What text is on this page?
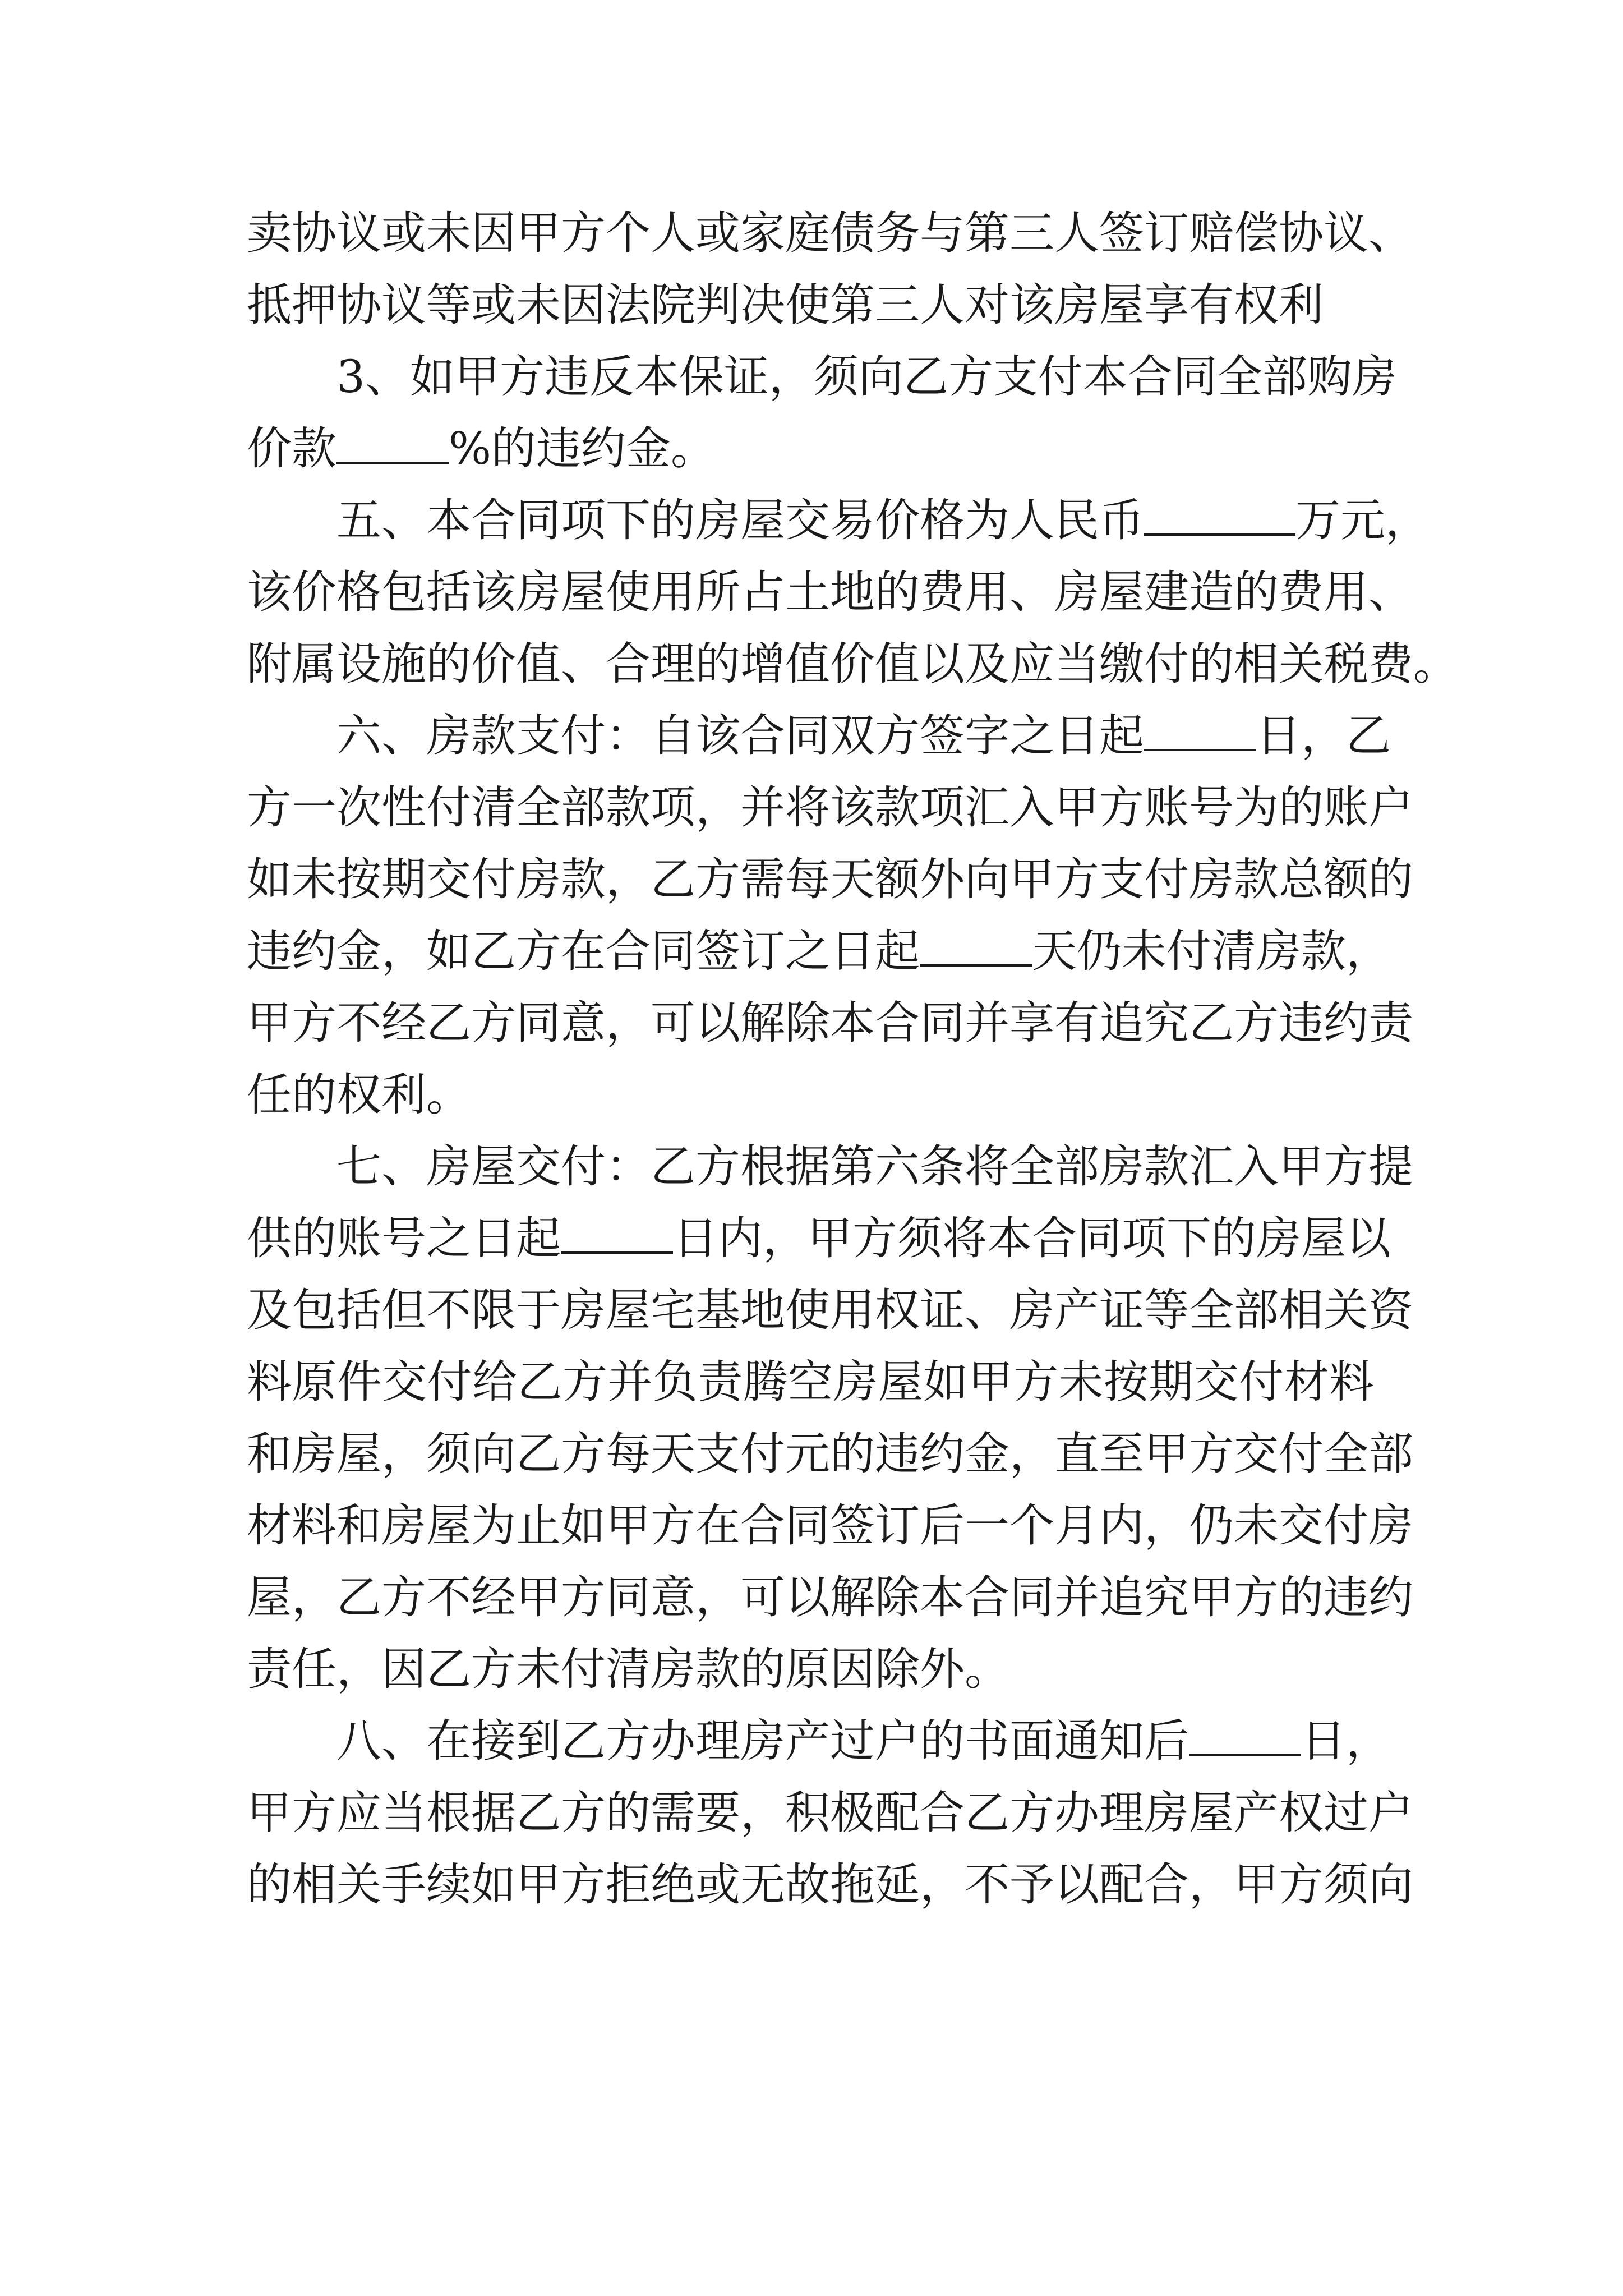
卖协议或未因甲方个人或家庭债务与第三人签订赔偿协议、
抵押协议等或未因法院判决使第三人对该房屋享有权利
3、如甲方违反本保证，须向乙方支付本合同全部购房
价款	%的违约金。
五、本合同项下的房屋交易价格为人民币	万元，
该价格包括该房屋使用所占土地的费用、房屋建造的费用、
附属设施的价值、合理的增值价值以及应当缴付的相关税费。
六、房款支付：自该合同双方签字之日起	日，乙
方一次性付清全部款项，并将该款项汇入甲方账号为的账户
如未按期交付房款，乙方需每天额外向甲方支付房款总额的
违约金，如乙方在合同签订之日起	天仍未付清房款，
甲方不经乙方同意，可以解除本合同并享有追究乙方违约责
任的权利。
七、房屋交付：乙方根据第六条将全部房款汇入甲方提
供的账号之日起	日内，甲方须将本合同项下的房屋以
及包括但不限于房屋宅基地使用权证、房产证等全部相关资
料原件交付给乙方并负责腾空房屋如甲方未按期交付材料
和房屋，须向乙方每天支付元的违约金，直至甲方交付全部
材料和房屋为止如甲方在合同签订后一个月内，仍未交付房
屋，乙方不经甲方同意，可以解除本合同并追究甲方的违约
责任，因乙方未付清房款的原因除外。
八、在接到乙方办理房产过户的书面通知后	日，
甲方应当根据乙方的需要，积极配合乙方办理房屋产权过户
的相关手续如甲方拒绝或无故拖延，不予以配合，甲方须向
